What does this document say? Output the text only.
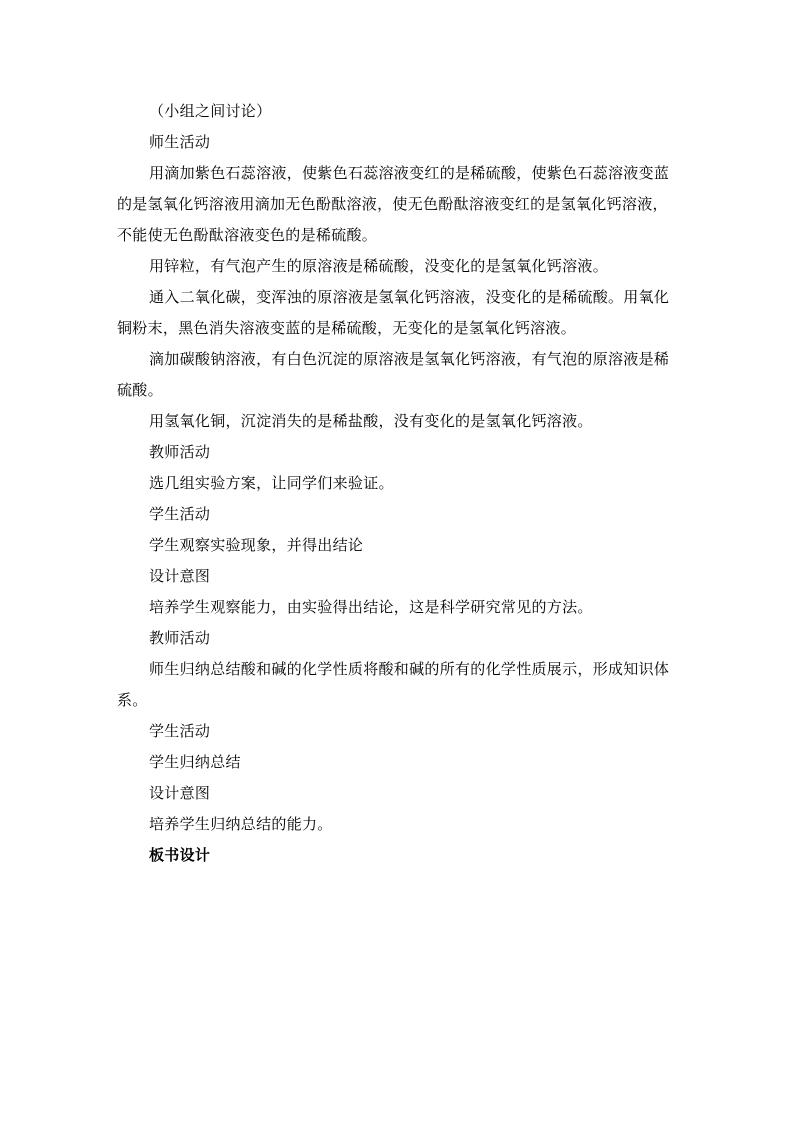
（小组之间讨论）

师生活动

用滴加紫色石蕊溶液，使紫色石蕊溶液变红的是稀硫酸，使紫色石蕊溶液变蓝的是氢氧化钙溶液用滴加无色酚酞溶液，使无色酚酞溶液变红的是氢氧化钙溶液，不能使无色酚酞溶液变色的是稀硫酸。

用锌粒，有气泡产生的原溶液是稀硫酸，没变化的是氢氧化钙溶液。

通入二氧化碳，变浑浊的原溶液是氢氧化钙溶液，没变化的是稀硫酸。用氧化铜粉末，黑色消失溶液变蓝的是稀硫酸，无变化的是氢氧化钙溶液。

滴加碳酸钠溶液，有白色沉淀的原溶液是氢氧化钙溶液，有气泡的原溶液是稀硫酸。

用氢氧化铜，沉淀消失的是稀盐酸，没有变化的是氢氧化钙溶液。

教师活动

选几组实验方案，让同学们来验证。

学生活动

学生观察实验现象，并得出结论

设计意图

培养学生观察能力，由实验得出结论，这是科学研究常见的方法。

教师活动

师生归纳总结酸和碱的化学性质将酸和碱的所有的化学性质展示，形成知识体系。

学生活动

学生归纳总结

设计意图

培养学生归纳总结的能力。

板书设计
